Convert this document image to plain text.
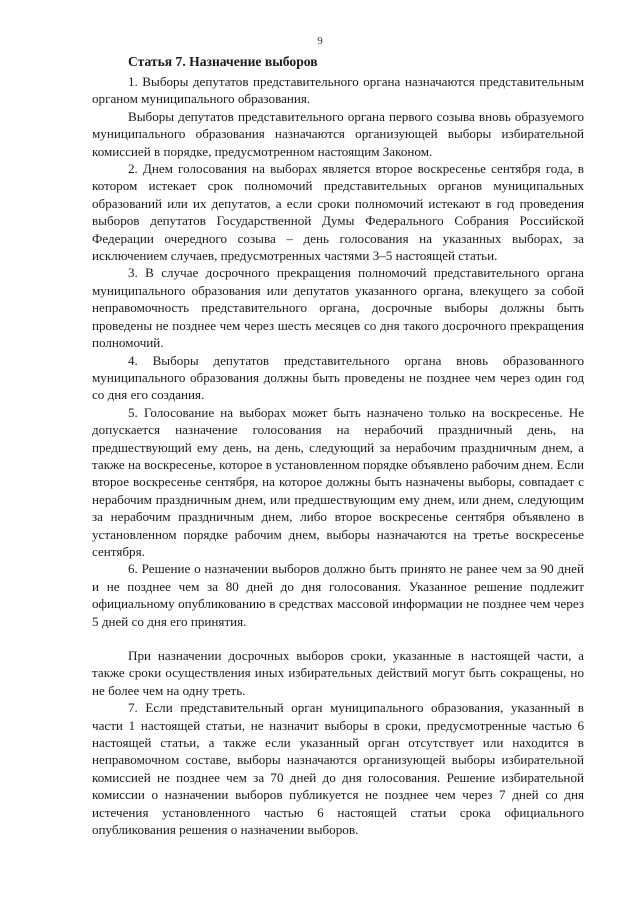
9
Статья 7. Назначение выборов

1. Выборы депутатов представительного органа назначаются представительным органом муниципального образования.

Выборы депутатов представительного органа первого созыва вновь образуемого муниципального образования назначаются организующей выборы избирательной комиссией в порядке, предусмотренном настоящим Законом.

2. Днем голосования на выборах является второе воскресенье сентября года, в котором истекает срок полномочий представительных органов муниципальных образований или их депутатов, а если сроки полномочий истекают в год проведения выборов депутатов Государственной Думы Федерального Собрания Российской Федерации очередного созыва – день голосования на указанных выборах, за исключением случаев, предусмотренных частями 3–5 настоящей статьи.

3. В случае досрочного прекращения полномочий представительного органа муниципального образования или депутатов указанного органа, влекущего за собой неправомочность представительного органа, досрочные выборы должны быть проведены не позднее чем через шесть месяцев со дня такого досрочного прекращения полномочий.

4. Выборы депутатов представительного органа вновь образованного муниципального образования должны быть проведены не позднее чем через один год со дня его создания.

5. Голосование на выборах может быть назначено только на воскресенье. Не допускается назначение голосования на нерабочий праздничный день, на предшествующий ему день, на день, следующий за нерабочим праздничным днем, а также на воскресенье, которое в установленном порядке объявлено рабочим днем. Если второе воскресенье сентября, на которое должны быть назначены выборы, совпадает с нерабочим праздничным днем, или предшествующим ему днем, или днем, следующим за нерабочим праздничным днем, либо второе воскресенье сентября объявлено в установленном порядке рабочим днем, выборы назначаются на третье воскресенье сентября.

6. Решение о назначении выборов должно быть принято не ранее чем за 90 дней и не позднее чем за 80 дней до дня голосования. Указанное решение подлежит официальному опубликованию в средствах массовой информации не позднее чем через 5 дней со дня его принятия.

При назначении досрочных выборов сроки, указанные в настоящей части, а также сроки осуществления иных избирательных действий могут быть сокращены, но не более чем на одну треть.

7. Если представительный орган муниципального образования, указанный в части 1 настоящей статьи, не назначит выборы в сроки, предусмотренные частью 6 настоящей статьи, а также если указанный орган отсутствует или находится в неправомочном составе, выборы назначаются организующей выборы избирательной комиссией не позднее чем за 70 дней до дня голосования. Решение избирательной комиссии о назначении выборов публикуется не позднее чем через 7 дней со дня истечения установленного частью 6 настоящей статьи срока официального опубликования решения о назначении выборов.
